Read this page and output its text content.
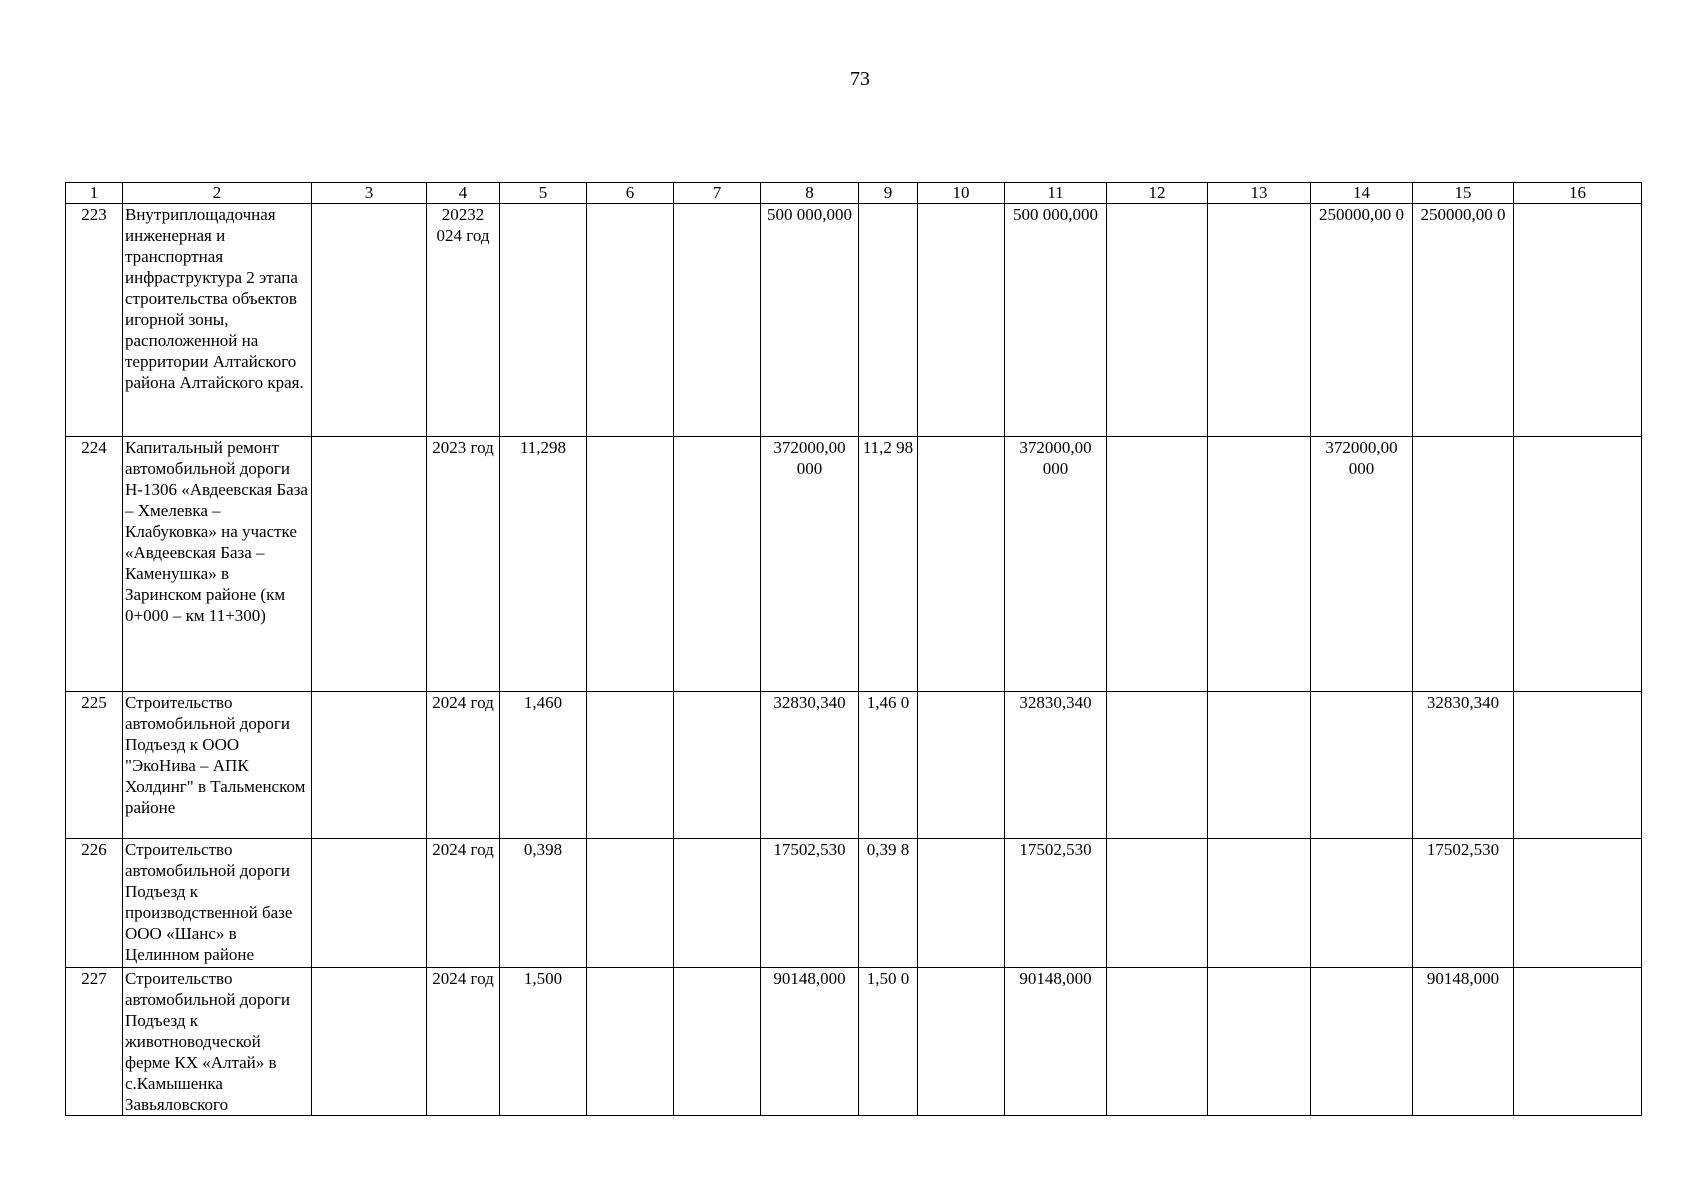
73
1	2	3	4	5	6	7	8	9	10	11	12	13	14	15	16
223	Внутриплощадочная инженерная и транспортная инфраструктура 2 этапа строительства объектов игорной зоны, расположенной на территории Алтайского района Алтайского края.		20232 024 год				500 000,000			500 000,000			250000,00 0	250000,00 0	
224	Капитальный ремонт автомобильной дороги Н-1306 «Авдеевская База – Хмелевка – Клабуковка» на участке «Авдеевская База – Каменушка» в Заринском районе (км 0+000 – км 11+300)		2023 год	11,298			372000,00 000	11,2 98		372000,00 000			372000,00 000		
225	Строительство автомобильной дороги Подъезд к ООО "ЭкоНива – АПК Холдинг" в Тальменском районе		2024 год	1,460			32830,340	1,46 0		32830,340				32830,340	
226	Строительство автомобильной дороги Подъезд к производственной базе ООО «Шанс» в Целинном районе		2024 год	0,398			17502,530	0,39 8		17502,530				17502,530	
227	Строительство автомобильной дороги Подъезд к животноводческой ферме КХ «Алтай» в с.Камышенка Завьяловского		2024 год	1,500			90148,000	1,50 0		90148,000				90148,000	
